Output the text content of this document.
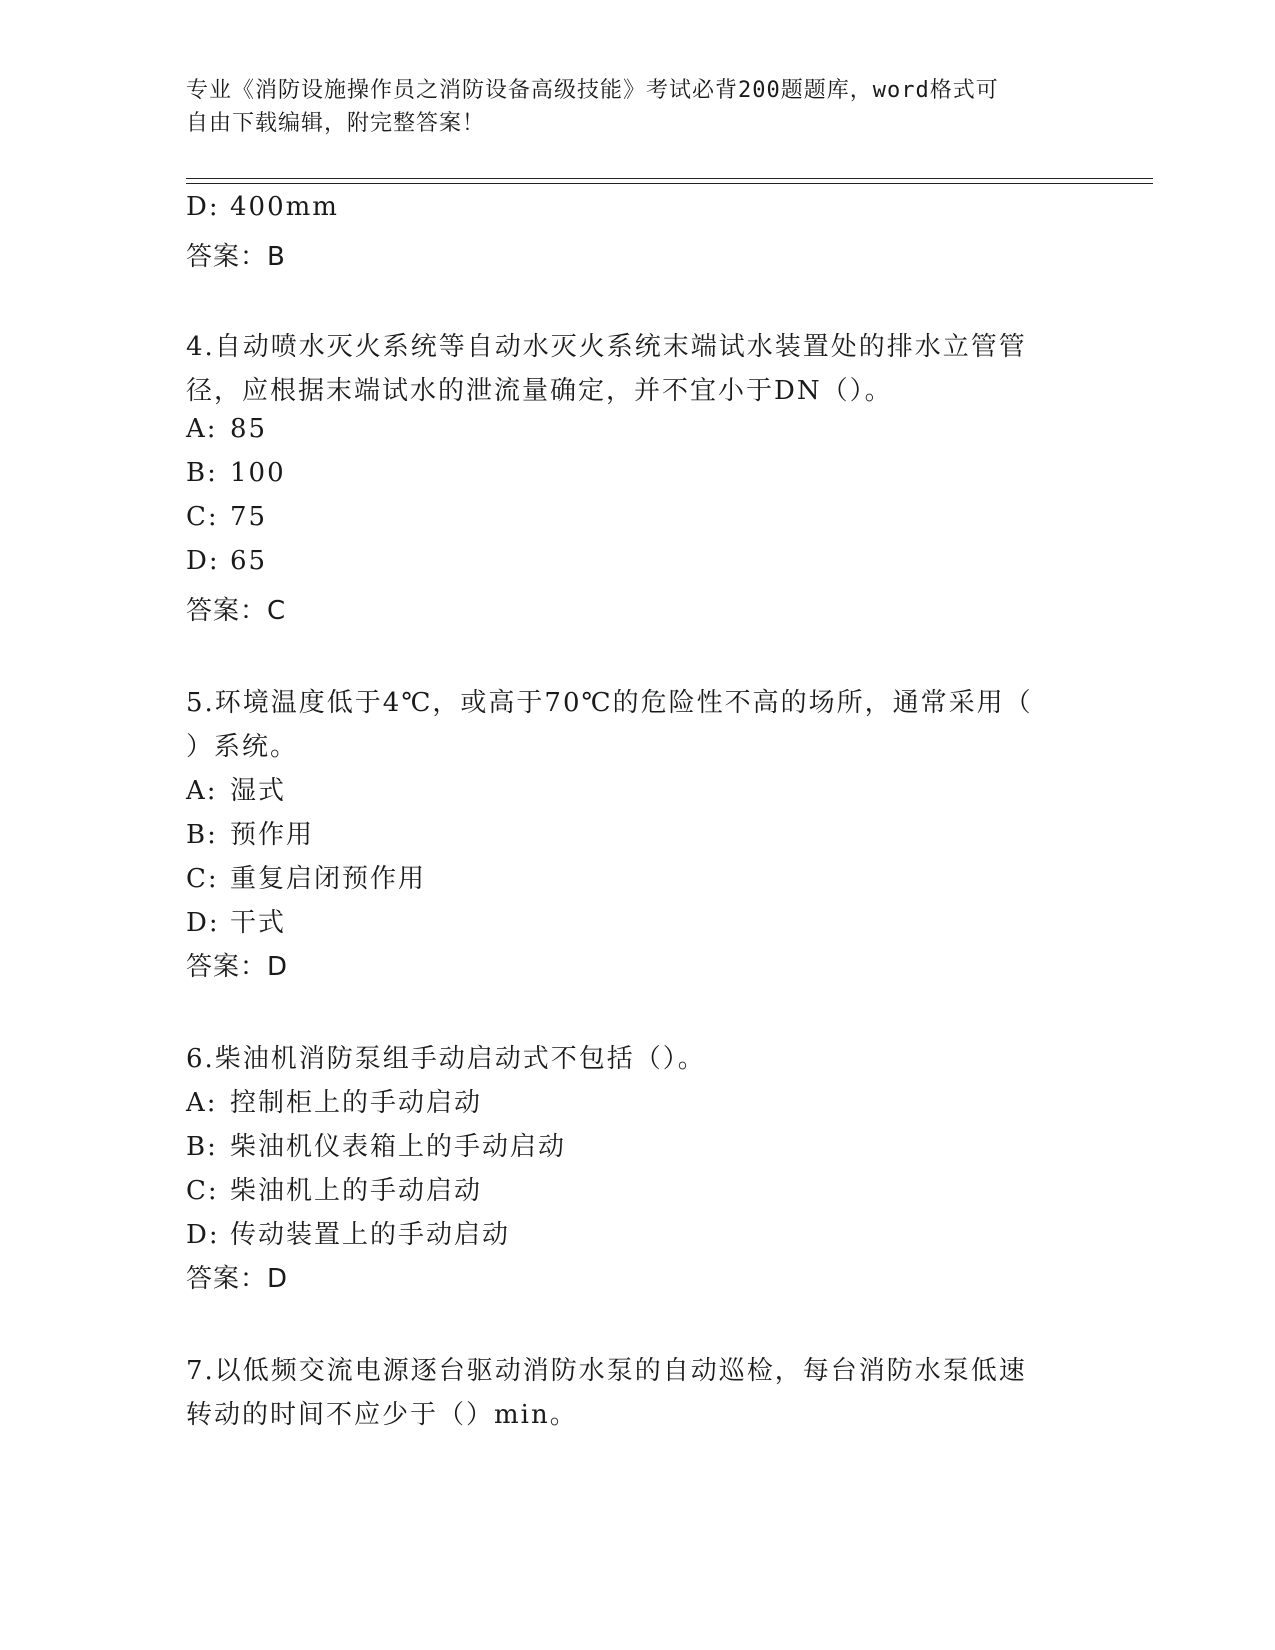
专业《消防设施操作员之消防设备高级技能》考试必背200题题库，word格式可
自由下载编辑，附完整答案！
D: 400mm
答案：B
4.自动喷水灭火系统等自动水灭火系统末端试水装置处的排水立管管
径，应根据末端试水的泄流量确定，并不宜小于DN（）。
A: 85
B: 100
C: 75
D: 65
答案：C
5.环境温度低于4℃，或高于70℃的危险性不高的场所，通常采用（
）系统。
A: 湿式
B: 预作用
C: 重复启闭预作用
D: 干式
答案：D
6.柴油机消防泵组手动启动式不包括（）。
A: 控制柜上的手动启动
B: 柴油机仪表箱上的手动启动
C: 柴油机上的手动启动
D: 传动装置上的手动启动
答案：D
7.以低频交流电源逐台驱动消防水泵的自动巡检，每台消防水泵低速
转动的时间不应少于（）min。
